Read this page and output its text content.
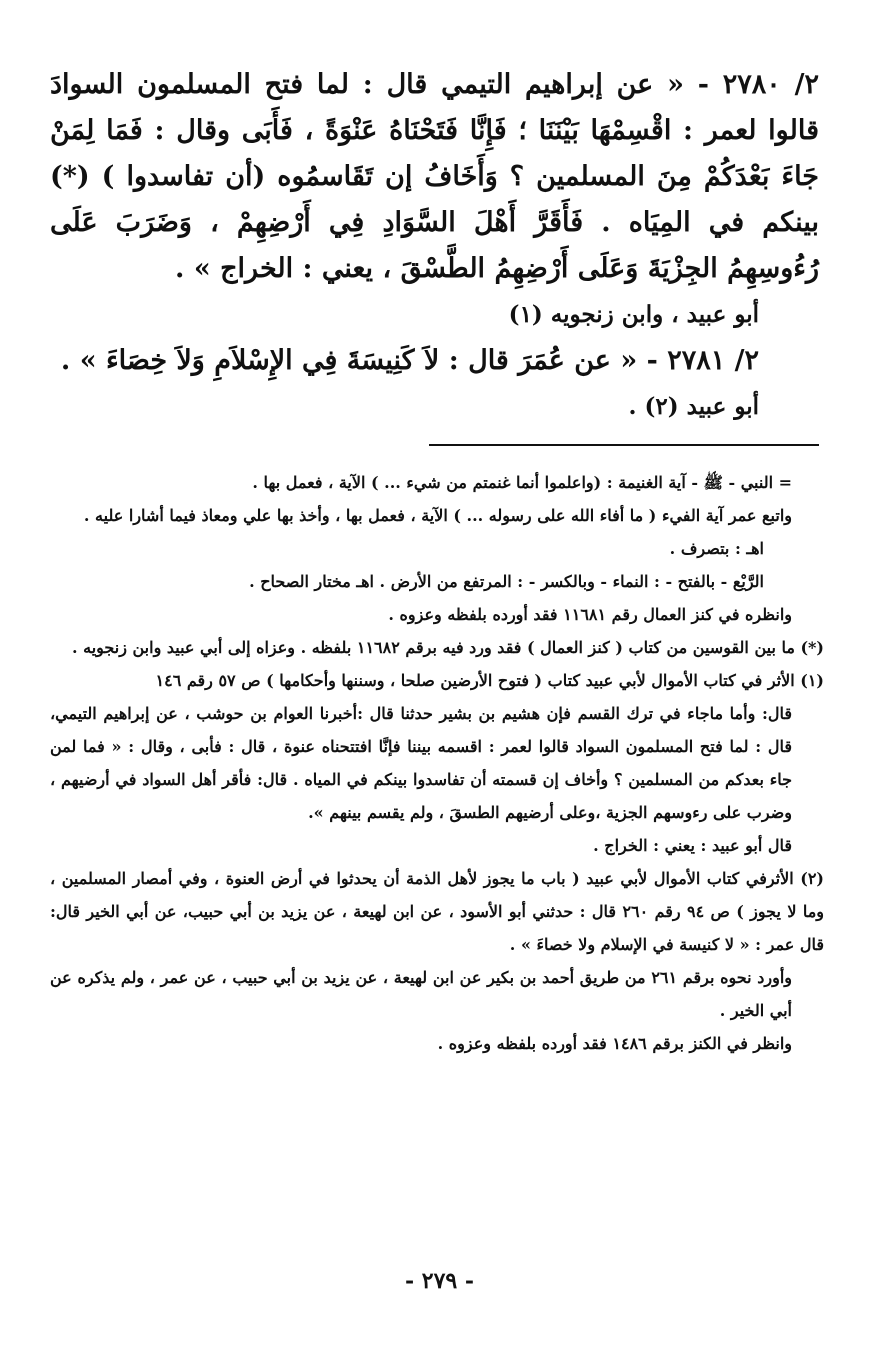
٢/ ٢٧٨٠ - « عن إبراهيم التيمي قال : لما فتح المسلمون السوادَ قالوا لعمر : اقْسِمْهَا بَيْنَنَا ؛ فَإِنَّا فَتَحْنَاهُ عَنْوَةً ، فَأَبَى وقال : فَمَا لِمَنْ جَاءَ بَعْدَكُمْ مِنَ المسلمين ؟ وَأَخَافُ إن تَقَاسمُوه (أن تفاسدوا ) (*) بينكم في المِيَاه . فَأَقَرَّ أَهْلَ السَّوَادِ فِي أَرْضِهِمْ ، وَضَرَبَ عَلَى رُءُوسِهِمُ الجِزْيَةَ وَعَلَى أَرْضِهِمُ الطَّسْقَ ، يعني : الخراج » .

أبو عبيد ، وابن زنجويه (١)

٢/ ٢٧٨١ - « عن عُمَرَ قال : لاَ كَنِيسَةَ فِي الإِسْلاَمِ وَلاَ خِصَاءَ » .

أبو عبيد (٢) .

= النبي - ﷺ - آية الغنيمة : (واعلموا أنما غنمتم من شيء ... ) الآية ، فعمل بها .

واتبع عمر آية الفيء ( ما أفاء الله على رسوله ... ) الآية ، فعمل بها ، وأخذ بها علي ومعاذ فيما أشارا عليه .

اهـ : بتصرف .

الرَّيْع - بالفتح - : النماء - وبالكسر - : المرتفع من الأرض . اهـ مختار الصحاح .

وانظره في كنز العمال رقم ١١٦٨١ فقد أورده بلفظه وعزوه .

(*) ما بين القوسين من كتاب ( كنز العمال ) فقد ورد فيه برقم ١١٦٨٢ بلفظه . وعزاه إلى أبي عبيد وابن زنجويه .

(١) الأثر في كتاب الأموال لأبي عبيد كتاب ( فتوح الأرضين صلحا ، وسننها وأحكامها ) ص ٥٧ رقم ١٤٦

قال: وأما ماجاء في ترك القسم فإن هشيم بن بشير حدثنا قال :أخبرنا العوام بن حوشب ، عن إبراهيم التيمي، قال : لما فتح المسلمون السواد قالوا لعمر : اقسمه بيننا فإنَّا افتتحناه عنوة ، قال : فأبى ، وقال : « فما لمن جاء بعدكم من المسلمين ؟ وأخاف إن قسمته أن تفاسدوا بينكم في المياه . قال: فأقر أهل السواد في أرضيهم ، وضرب على رءوسهم الجزية ،وعلى أرضيهم الطسقَ ، ولم يقسم بينهم ».

قال أبو عبيد : يعني : الخراج .

(٢) الأثرفي كتاب الأموال لأبي عبيد ( باب ما يجوز لأهل الذمة أن يحدثوا في أرض العنوة ، وفي أمصار المسلمين ، وما لا يجوز ) ص ٩٤ رقم ٢٦٠ قال : حدثني أبو الأسود ، عن ابن لهيعة ، عن يزيد بن أبي حبيب، عن أبي الخير قال: قال عمر : « لا كنيسة في الإسلام ولا خصاءَ » .

وأورد نحوه برقم ٢٦١ من طريق أحمد بن بكير عن ابن لهيعة ، عن يزيد بن أبي حبيب ، عن عمر ، ولم يذكره عن أبي الخير .

وانظر في الكنز برقم ١٤٨٦ فقد أورده بلفظه وعزوه .

- ٢٧٩ -
